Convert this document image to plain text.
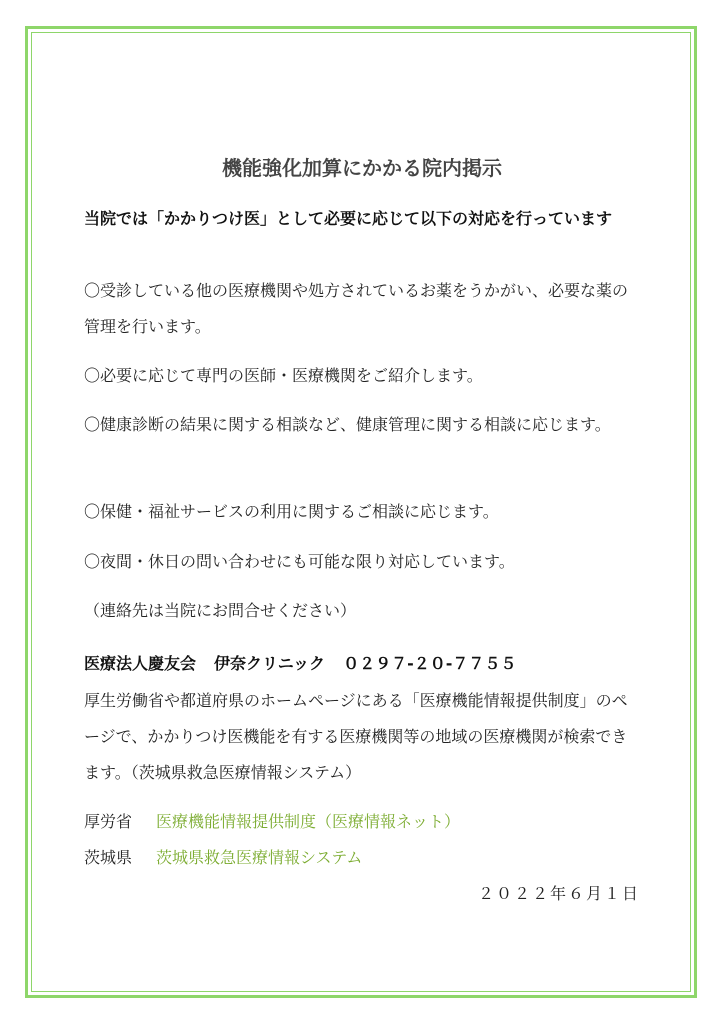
機能強化加算にかかる院内掲示

当院では「かかりつけ医」として必要に応じて以下の対応を行っています

〇受診している他の医療機関や処方されているお薬をうかがい、必要な薬の管理を行います。

〇必要に応じて専門の医師・医療機関をご紹介します。

〇健康診断の結果に関する相談など、健康管理に関する相談に応じます。

〇保健・福祉サービスの利用に関するご相談に応じます。

〇夜間・休日の問い合わせにも可能な限り対応しています。

（連絡先は当院にお問合せください）

医療法人慶友会 伊奈クリニック ０２９７-２０-７７５５

厚生労働省や都道府県のホームページにある「医療機能情報提供制度」のページで、かかりつけ医機能を有する医療機関等の地域の医療機関が検索できます。（茨城県救急医療情報システム）

厚労省 医療機能情報提供制度（医療情報ネット）

茨城県 茨城県救急医療情報システム

２０２２年６月１日
